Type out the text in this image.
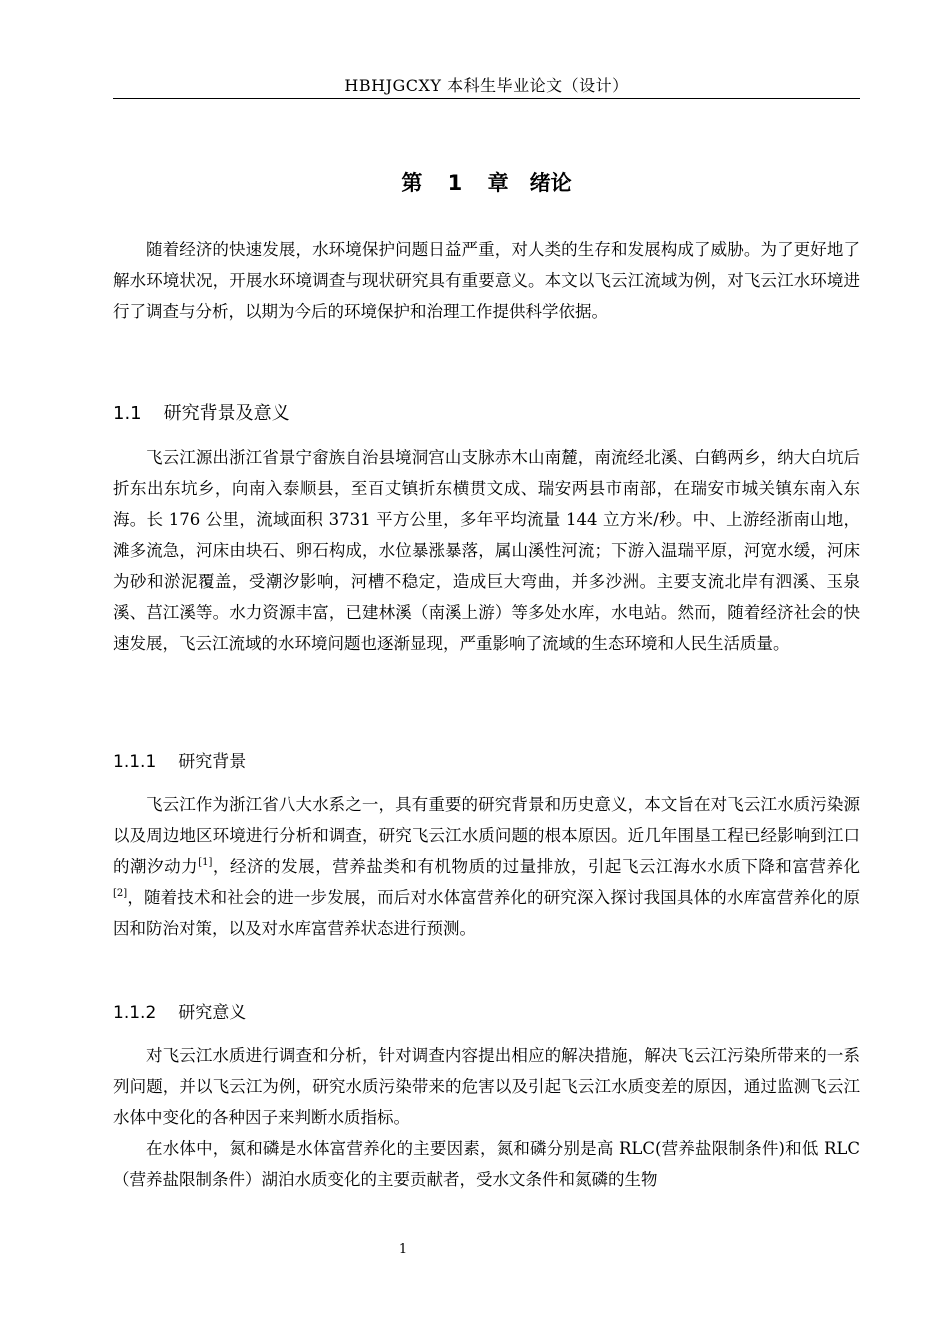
HBHJGCXY 本科生毕业论文（设计）
第 1 章　绪论

随着经济的快速发展，水环境保护问题日益严重，对人类的生存和发展构成了威胁。为了更好地了解水环境状况，开展水环境调查与现状研究具有重要意义。本文以飞云江流域为例，对飞云江水环境进行了调查与分析，以期为今后的环境保护和治理工作提供科学依据。

1.1 研究背景及意义

飞云江源出浙江省景宁畲族自治县境洞宫山支脉赤木山南麓，南流经北溪、白鹤两乡，纳大白坑后折东出东坑乡，向南入泰顺县，至百丈镇折东横贯文成、瑞安两县市南部，在瑞安市城关镇东南入东海。长 176 公里，流域面积 3731 平方公里，多年平均流量 144 立方米/秒。中、上游经浙南山地，滩多流急，河床由块石、卵石构成，水位暴涨暴落，属山溪性河流；下游入温瑞平原，河宽水缓，河床为砂和淤泥覆盖，受潮汐影响，河槽不稳定，造成巨大弯曲，并多沙洲。主要支流北岸有泗溪、玉泉溪、莒江溪等。水力资源丰富，已建林溪（南溪上游）等多处水库，水电站。然而，随着经济社会的快速发展，飞云江流域的水环境问题也逐渐显现，严重影响了流域的生态环境和人民生活质量。

1.1.1 研究背景

飞云江作为浙江省八大水系之一，具有重要的研究背景和历史意义，本文旨在对飞云江水质污染源以及周边地区环境进行分析和调查，研究飞云江水质问题的根本原因。近几年围垦工程已经影响到江口的潮汐动力[1]，经济的发展，营养盐类和有机物质的过量排放，引起飞云江海水水质下降和富营养化[2]，随着技术和社会的进一步发展，而后对水体富营养化的研究深入探讨我国具体的水库富营养化的原因和防治对策，以及对水库富营养状态进行预测。

1.1.2 研究意义

对飞云江水质进行调查和分析，针对调查内容提出相应的解决措施，解决飞云江污染所带来的一系列问题，并以飞云江为例，研究水质污染带来的危害以及引起飞云江水质变差的原因，通过监测飞云江水体中变化的各种因子来判断水质指标。

在水体中，氮和磷是水体富营养化的主要因素，氮和磷分别是高 RLC(营养盐限制条件)和低 RLC（营养盐限制条件）湖泊水质变化的主要贡献者，受水文条件和氮磷的生物

1
